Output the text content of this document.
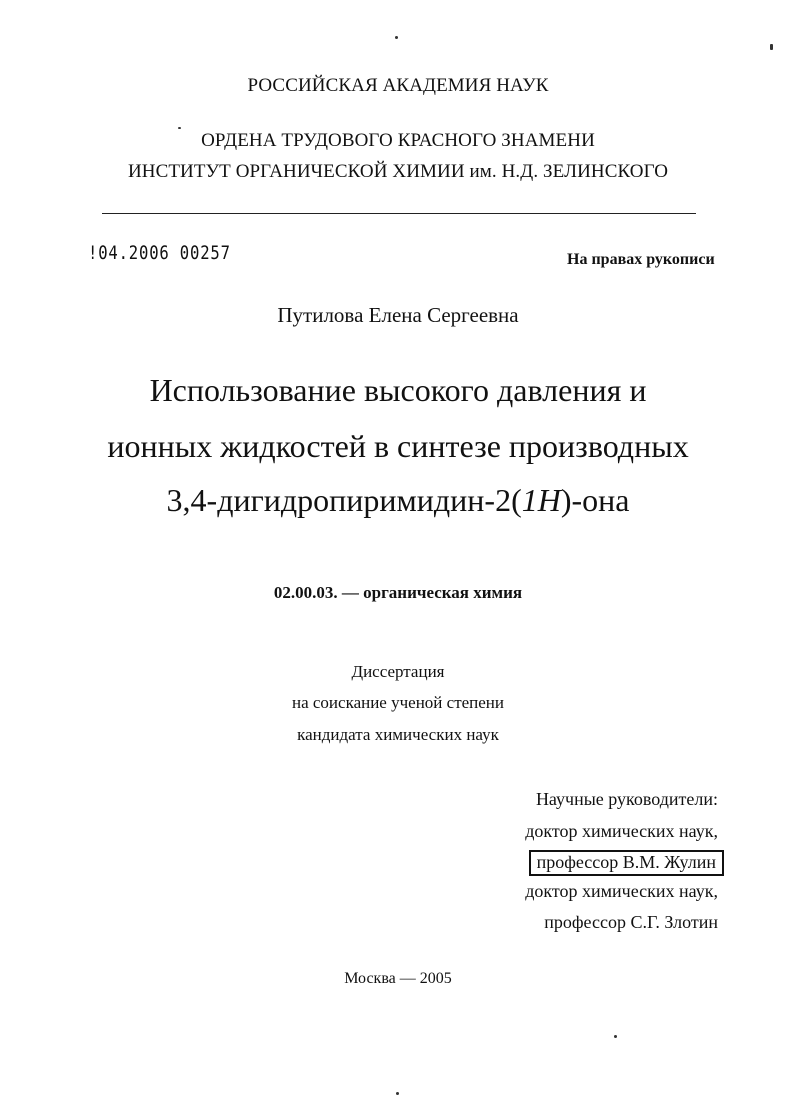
РОССИЙСКАЯ АКАДЕМИЯ НАУК
ОРДЕНА ТРУДОВОГО КРАСНОГО ЗНАМЕНИ
ИНСТИТУТ ОРГАНИЧЕСКОЙ ХИМИИ им. Н.Д. ЗЕЛИНСКОГО
!04.2006 00257	На правах рукописи
Путилова Елена Сергеевна
Использование высокого давления и
ионных жидкостей в синтезе производных
3,4-дигидропиримидин-2(1H)-она
02.00.03. — органическая химия
Диссертация
на соискание ученой степени
кандидата химических наук
Научные руководители:
доктор химических наук,
профессор В.М. Жулин
доктор химических наук,
профессор С.Г. Злотин
Москва — 2005
